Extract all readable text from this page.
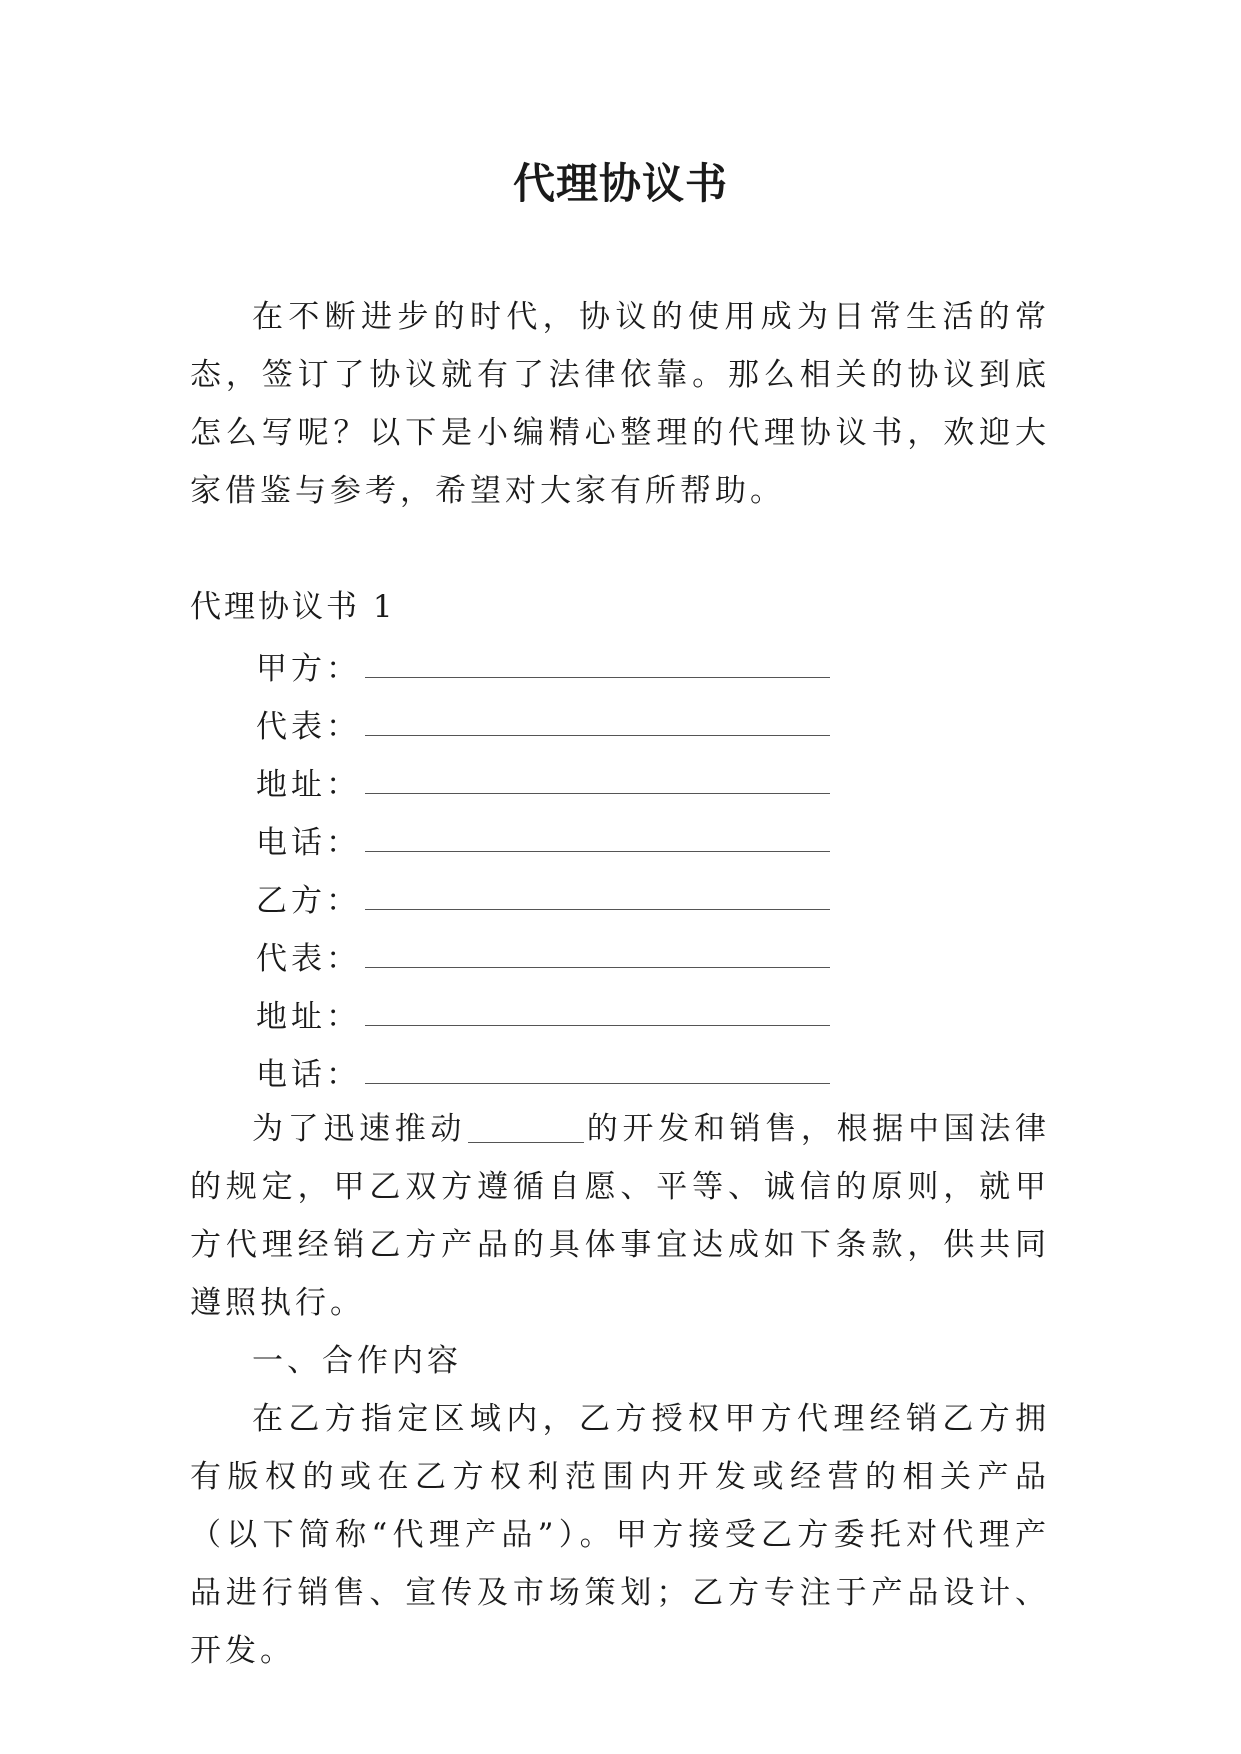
代理协议书

在不断进步的时代，协议的使用成为日常生活的常态，签订了协议就有了法律依靠。那么相关的协议到底怎么写呢？以下是小编精心整理的代理协议书，欢迎大家借鉴与参考，希望对大家有所帮助。

代理协议书 1

甲方：
代表：
地址：
电话：
乙方：
代表：
地址：
电话：

为了迅速推动	的开发和销售，根据中国法律的规定，甲乙双方遵循自愿、平等、诚信的原则，就甲方代理经销乙方产品的具体事宜达成如下条款，供共同遵照执行。

一、合作内容

在乙方指定区域内，乙方授权甲方代理经销乙方拥有版权的或在乙方权利范围内开发或经营的相关产品（以下简称“代理产品”）。甲方接受乙方委托对代理产品进行销售、宣传及市场策划；乙方专注于产品设计、开发。
